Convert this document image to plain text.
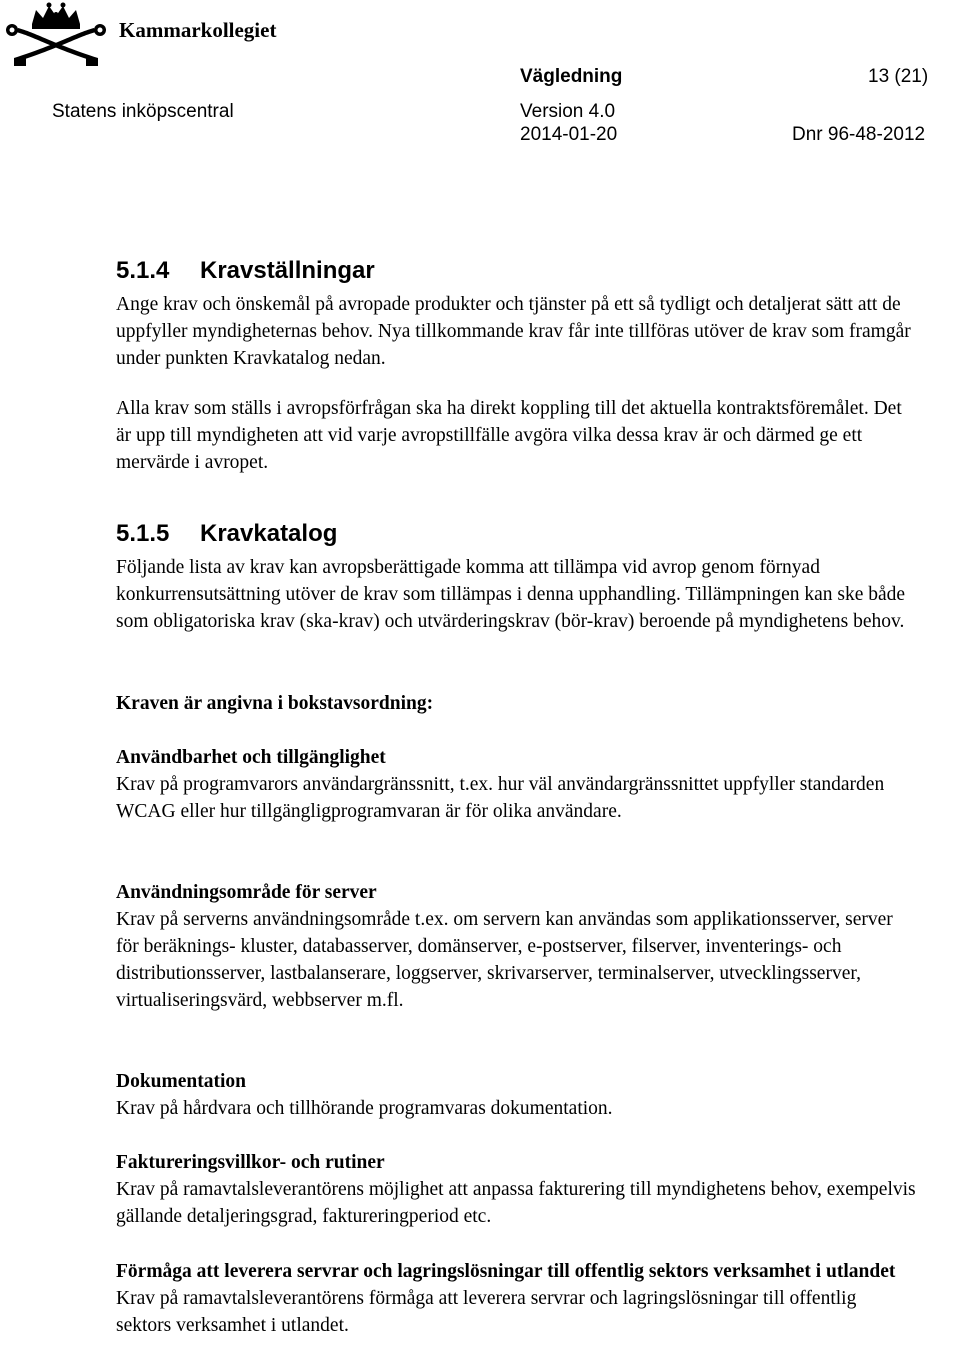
Kammarkollegiet
Vägledning	13 (21)
Statens inköpscentral	Version 4.0
2014-01-20	Dnr 96-48-2012
5.1.4 Kravställningar

Ange krav och önskemål på avropade produkter och tjänster på ett så tydligt och detaljerat sätt att de uppfyller myndigheternas behov. Nya tillkommande krav får inte tillföras utöver de krav som framgår under punkten Kravkatalog nedan.

Alla krav som ställs i avropsförfrågan ska ha direkt koppling till det aktuella kontraktsföremålet. Det är upp till myndigheten att vid varje avropstillfälle avgöra vilka dessa krav är och därmed ge ett mervärde i avropet.

5.1.5 Kravkatalog

Följande lista av krav kan avropsberättigade komma att tillämpa vid avrop genom förnyad konkurrensutsättning utöver de krav som tillämpas i denna upphandling. Tillämpningen kan ske både som obligatoriska krav (ska-krav) och utvärderingskrav (bör-krav) beroende på myndighetens behov.

Kraven är angivna i bokstavsordning:
Användbarhet och tillgänglighet
Krav på programvarors användargränssnitt, t.ex. hur väl användargränssnittet uppfyller standarden WCAG eller hur tillgängligprogramvaran är för olika användare.
Användningsområde för server
Krav på serverns användningsområde t.ex. om servern kan användas som applikationsserver, server för beräknings- kluster, databasserver, domänserver, e-postserver, filserver, inventerings- och distributionsserver, lastbalanserare, loggserver, skrivarserver, terminalserver, utvecklingsserver, virtualiseringsvärd, webbserver m.fl.
Dokumentation
Krav på hårdvara och tillhörande programvaras dokumentation.
Faktureringsvillkor- och rutiner
Krav på ramavtalsleverantörens möjlighet att anpassa fakturering till myndighetens behov, exempelvis gällande detaljeringsgrad, faktureringperiod etc.
Förmåga att leverera servrar och lagringslösningar till offentlig sektors verksamhet i utlandet
Krav på ramavtalsleverantörens förmåga att leverera servrar och lagringslösningar till offentlig sektors verksamhet i utlandet.
